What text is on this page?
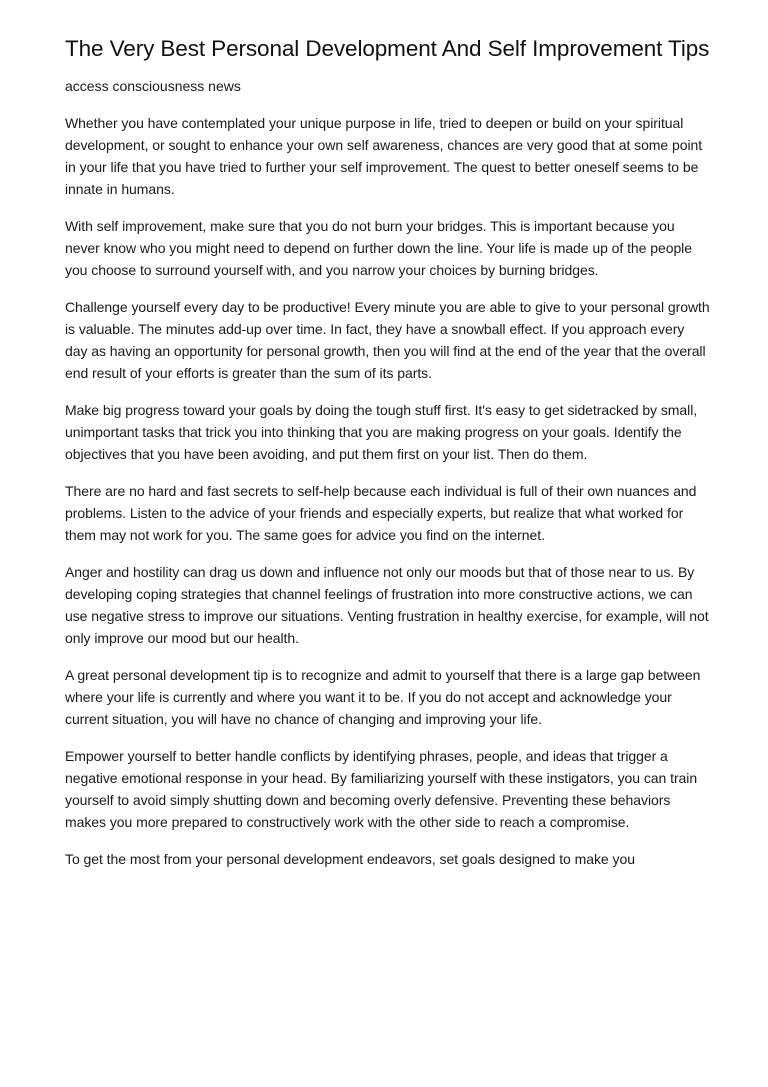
The Very Best Personal Development And Self Improvement Tips

access consciousness news

Whether you have contemplated your unique purpose in life, tried to deepen or build on your spiritual development, or sought to enhance your own self awareness, chances are very good that at some point in your life that you have tried to further your self improvement. The quest to better oneself seems to be innate in humans.

With self improvement, make sure that you do not burn your bridges. This is important because you never know who you might need to depend on further down the line. Your life is made up of the people you choose to surround yourself with, and you narrow your choices by burning bridges.

Challenge yourself every day to be productive! Every minute you are able to give to your personal growth is valuable. The minutes add-up over time. In fact, they have a snowball effect. If you approach every day as having an opportunity for personal growth, then you will find at the end of the year that the overall end result of your efforts is greater than the sum of its parts.

Make big progress toward your goals by doing the tough stuff first. It's easy to get sidetracked by small, unimportant tasks that trick you into thinking that you are making progress on your goals. Identify the objectives that you have been avoiding, and put them first on your list. Then do them.

There are no hard and fast secrets to self-help because each individual is full of their own nuances and problems. Listen to the advice of your friends and especially experts, but realize that what worked for them may not work for you. The same goes for advice you find on the internet.

Anger and hostility can drag us down and influence not only our moods but that of those near to us. By developing coping strategies that channel feelings of frustration into more constructive actions, we can use negative stress to improve our situations. Venting frustration in healthy exercise, for example, will not only improve our mood but our health.

A great personal development tip is to recognize and admit to yourself that there is a large gap between where your life is currently and where you want it to be. If you do not accept and acknowledge your current situation, you will have no chance of changing and improving your life.

Empower yourself to better handle conflicts by identifying phrases, people, and ideas that trigger a negative emotional response in your head. By familiarizing yourself with these instigators, you can train yourself to avoid simply shutting down and becoming overly defensive. Preventing these behaviors makes you more prepared to constructively work with the other side to reach a compromise.

To get the most from your personal development endeavors, set goals designed to make you
